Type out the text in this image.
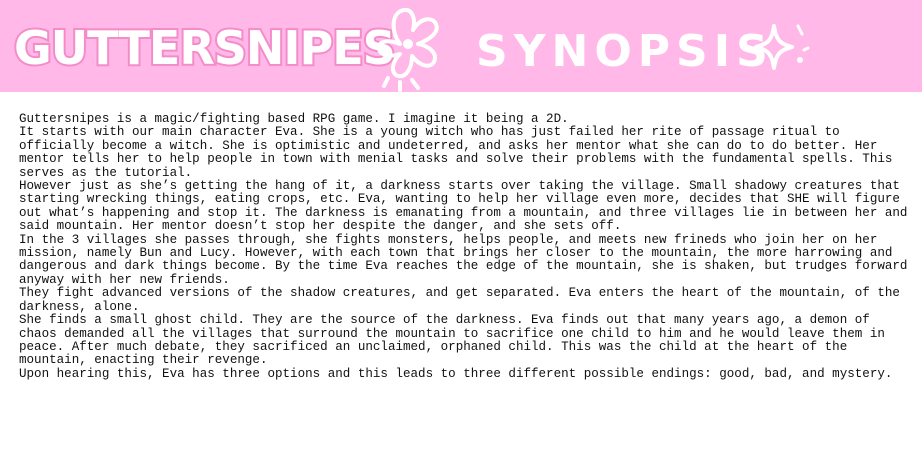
GUTTERSNIPES SYNOPSIS

Guttersnipes is a magic/fighting based RPG game. I imagine it being a 2D.

It starts with our main character Eva. She is a young witch who has just failed her rite of passage ritual to officially become a witch. She is optimistic and undeterred, and asks her mentor what she can do to do better. Her mentor tells her to help people in town with menial tasks and solve their problems with the fundamental spells. This serves as the tutorial.

However just as she’s getting the hang of it, a darkness starts over taking the village. Small shadowy creatures that starting wrecking things, eating crops, etc. Eva, wanting to help her village even more, decides that SHE will figure out what’s happening and stop it. The darkness is emanating from a mountain, and three villages lie in between her and said mountain. Her mentor doesn’t stop her despite the danger, and she sets off.

In the 3 villages she passes through, she fights monsters, helps people, and meets new frineds who join her on her mission, namely Bun and Lucy. However, with each town that brings her closer to the mountain, the more harrowing and dangerous and dark things become. By the time Eva reaches the edge of the mountain, she is shaken, but trudges forward anyway with her new friends.

They fight advanced versions of the shadow creatures, and get separated. Eva enters the heart of the mountain, of the darkness, alone.

She finds a small ghost child. They are the source of the darkness. Eva finds out that many years ago, a demon of chaos demanded all the villages that surround the mountain to sacrifice one child to him and he would leave them in peace. After much debate, they sacrificed an unclaimed, orphaned child. This was the child at the heart of the mountain, enacting their revenge.

Upon hearing this, Eva has three options and this leads to three different possible endings: good, bad, and mystery.
